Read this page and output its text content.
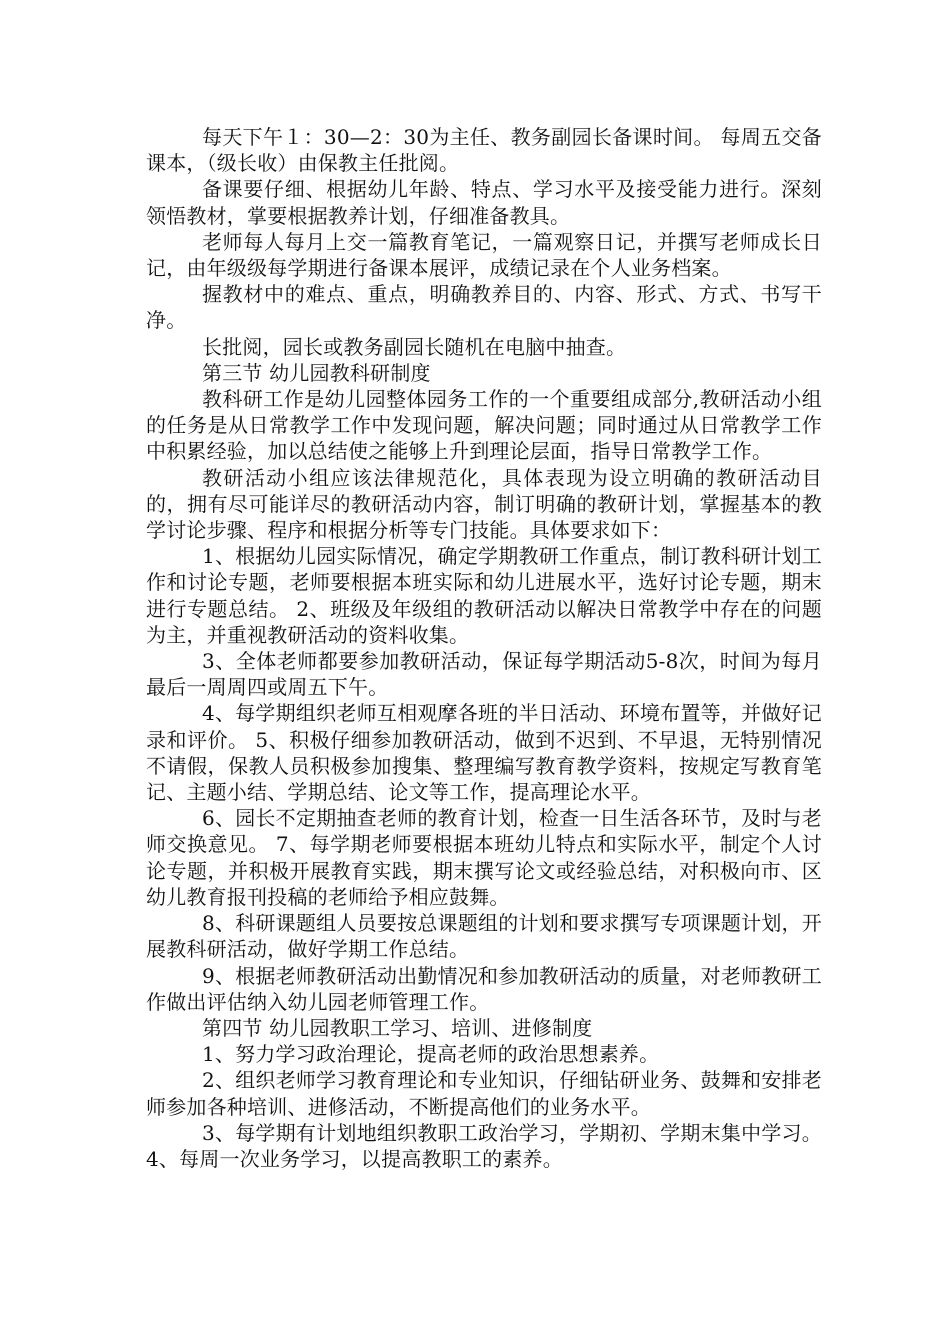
每天下午１：30—2：30为主任、教务副园长备课时间。 每周五交备课本，（级长收）由保教主任批阅。

备课要仔细、根据幼儿年龄、特点、学习水平及接受能力进行。深刻领悟教材，掌要根据教养计划，仔细准备教具。

老师每人每月上交一篇教育笔记，一篇观察日记，并撰写老师成长日记，由年级级每学期进行备课本展评，成绩记录在个人业务档案。

握教材中的难点、重点，明确教养目的、内容、形式、方式、书写干净。

长批阅，园长或教务副园长随机在电脑中抽查。

第三节 幼儿园教科研制度

教科研工作是幼儿园整体园务工作的一个重要组成部分,教研活动小组的任务是从日常教学工作中发现问题，解决问题；同时通过从日常教学工作中积累经验，加以总结使之能够上升到理论层面，指导日常教学工作。

教研活动小组应该法律规范化，具体表现为设立明确的教研活动目的，拥有尽可能详尽的教研活动内容，制订明确的教研计划，掌握基本的教学讨论步骤、程序和根据分析等专门技能。具体要求如下：

1、根据幼儿园实际情况，确定学期教研工作重点，制订教科研计划工作和讨论专题，老师要根据本班实际和幼儿进展水平，选好讨论专题，期末进行专题总结。 2、班级及年级组的教研活动以解决日常教学中存在的问题为主，并重视教研活动的资料收集。

3、全体老师都要参加教研活动，保证每学期活动5-8次，时间为每月最后一周周四或周五下午。

4、每学期组织老师互相观摩各班的半日活动、环境布置等，并做好记录和评价。 5、积极仔细参加教研活动，做到不迟到、不早退，无特别情况不请假，保教人员积极参加搜集、整理编写教育教学资料，按规定写教育笔记、主题小结、学期总结、论文等工作，提高理论水平。

6、园长不定期抽查老师的教育计划，检查一日生活各环节，及时与老师交换意见。 7、每学期老师要根据本班幼儿特点和实际水平，制定个人讨论专题，并积极开展教育实践，期末撰写论文或经验总结，对积极向市、区幼儿教育报刊投稿的老师给予相应鼓舞。

8、科研课题组人员要按总课题组的计划和要求撰写专项课题计划，开展教科研活动，做好学期工作总结。

9、根据老师教研活动出勤情况和参加教研活动的质量，对老师教研工作做出评估纳入幼儿园老师管理工作。

第四节 幼儿园教职工学习、培训、进修制度

1、努力学习政治理论，提高老师的政治思想素养。

2、组织老师学习教育理论和专业知识，仔细钻研业务、鼓舞和安排老师参加各种培训、进修活动，不断提高他们的业务水平。

3、每学期有计划地组织教职工政治学习，学期初、学期末集中学习。 4、每周一次业务学习，以提高教职工的素养。
